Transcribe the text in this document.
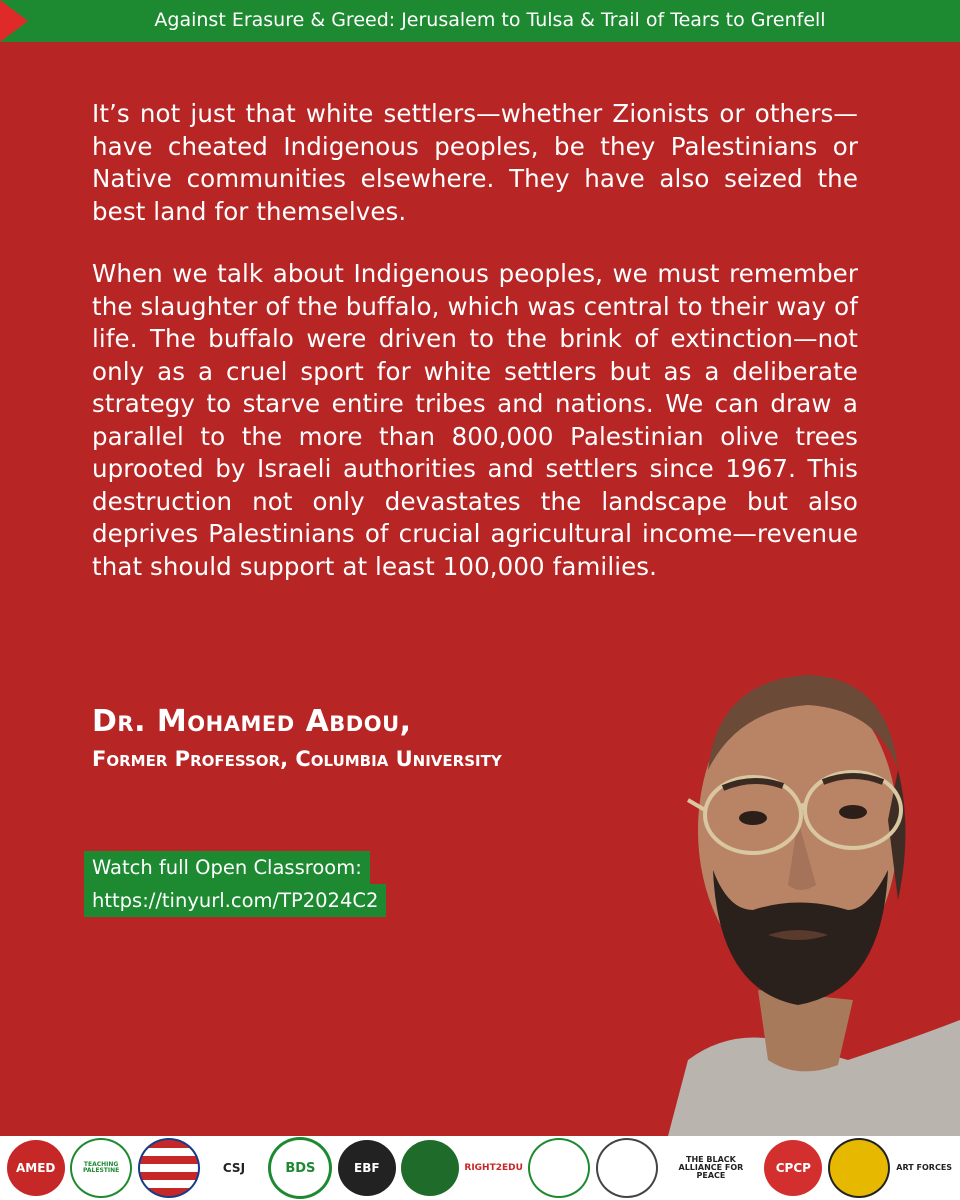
Against Erasure & Greed: Jerusalem to Tulsa & Trail of Tears to Grenfell

It’s not just that white settlers—whether Zionists or others—have cheated Indigenous peoples, be they Palestinians or Native communities elsewhere. They have also seized the best land for themselves.

When we talk about Indigenous peoples, we must remember the slaughter of the buffalo, which was central to their way of life. The buffalo were driven to the brink of extinction—not only as a cruel sport for white settlers but as a deliberate strategy to starve entire tribes and nations. We can draw a parallel to the more than 800,000 Palestinian olive trees uprooted by Israeli authorities and settlers since 1967. This destruction not only devastates the landscape but also deprives Palestinians of crucial agricultural income—revenue that should support at least 100,000 families.

Dr. Mohamed Abdou,
Former Professor, Columbia University
Watch full Open Classroom:
https://tinyurl.com/TP2024C2
AMED	TEACHING PALESTINE	CSJ	BDS	EBF	RIGHT2EDU
THE BLACK ALLIANCE FOR PEACE
CPCP	ART FORCES
